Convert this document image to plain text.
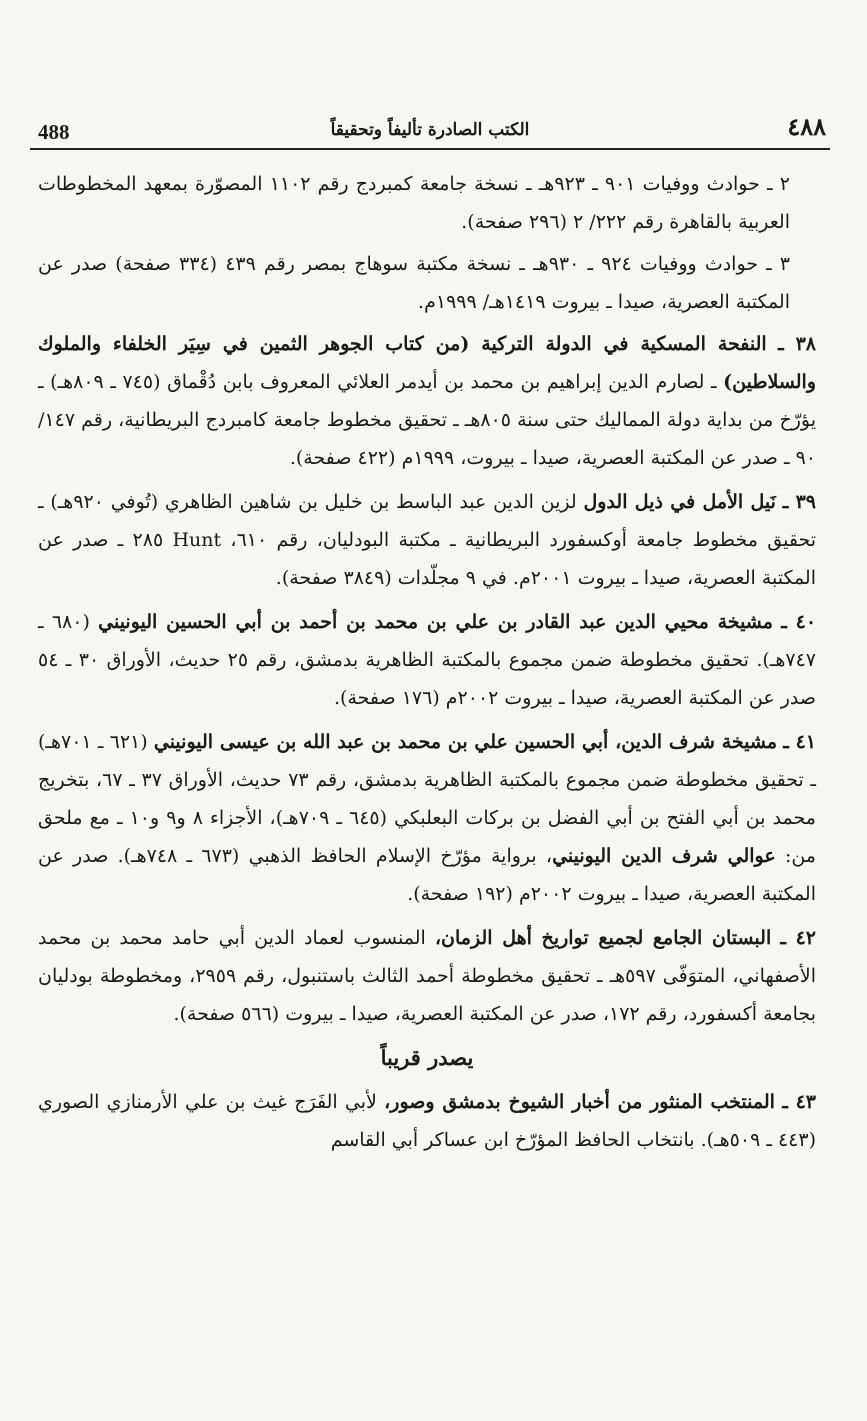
488	الكتب الصادرة تأليفاً وتحقيقاً	٤٨٨

٢ ـ حوادث ووفيات ٩٠١ ـ ٩٢٣هـ ـ نسخة جامعة كمبردج رقم ١١٠٢ المصوّرة بمعهد المخطوطات العربية بالقاهرة رقم ٢٢٢/ ٢ (٢٩٦ صفحة).

٣ ـ حوادث ووفيات ٩٢٤ ـ ٩٣٠هـ ـ نسخة مكتبة سوهاج بمصر رقم ٤٣٩ (٣٣٤ صفحة) صدر عن المكتبة العصرية، صيدا ـ بيروت ١٤١٩هـ/ ١٩٩٩م.

٣٨ ـ النفحة المسكية في الدولة التركية (من كتاب الجوهر الثمين في سِيَر الخلفاء والملوك والسلاطين) ـ لصارم الدين إبراهيم بن محمد بن أيدمر العلائي المعروف بابن دُقْماق (٧٤٥ ـ ٨٠٩هـ) ـ يؤرّخ من بداية دولة المماليك حتى سنة ٨٠٥هـ ـ تحقيق مخطوط جامعة كامبردج البريطانية، رقم ١٤٧/ ٩٠ ـ صدر عن المكتبة العصرية، صيدا ـ بيروت، ١٩٩٩م (٤٢٢ صفحة).

٣٩ ـ نَيل الأمل في ذيل الدول لزين الدين عبد الباسط بن خليل بن شاهين الظاهري (تُوفي ٩٢٠هـ) ـ تحقيق مخطوط جامعة أوكسفورد البريطانية ـ مكتبة البودليان، رقم ٦١٠، Hunt ٢٨٥ ـ صدر عن المكتبة العصرية، صيدا ـ بيروت ٢٠٠١م. في ٩ مجلّدات (٣٨٤٩ صفحة).

٤٠ ـ مشيخة محيي الدين عبد القادر بن علي بن محمد بن أحمد بن أبي الحسين اليونيني (٦٨٠ ـ ٧٤٧هـ). تحقيق مخطوطة ضمن مجموع بالمكتبة الظاهرية بدمشق، رقم ٢٥ حديث، الأوراق ٣٠ ـ ٥٤ صدر عن المكتبة العصرية، صيدا ـ بيروت ٢٠٠٢م (١٧٦ صفحة).

٤١ ـ مشيخة شرف الدين، أبي الحسين علي بن محمد بن عبد الله بن عيسى اليونيني (٦٢١ ـ ٧٠١هـ) ـ تحقيق مخطوطة ضمن مجموع بالمكتبة الظاهرية بدمشق، رقم ٧٣ حديث، الأوراق ٣٧ ـ ٦٧، بتخريج محمد بن أبي الفتح بن أبي الفضل بن بركات البعلبكي (٦٤٥ ـ ٧٠٩هـ)، الأجزاء ٨ و٩ و١٠ ـ مع ملحق من: عوالي شرف الدين اليونيني، برواية مؤرّخ الإسلام الحافظ الذهبي (٦٧٣ ـ ٧٤٨هـ). صدر عن المكتبة العصرية، صيدا ـ بيروت ٢٠٠٢م (١٩٢ صفحة).

٤٢ ـ البستان الجامع لجميع تواريخ أهل الزمان، المنسوب لعماد الدين أبي حامد محمد بن محمد الأصفهاني، المتوَفّى ٥٩٧هـ ـ تحقيق مخطوطة أحمد الثالث باستنبول، رقم ٢٩٥٩، ومخطوطة بودليان بجامعة أكسفورد، رقم ١٧٢، صدر عن المكتبة العصرية، صيدا ـ بيروت (٥٦٦ صفحة).

يصدر قريباً

٤٣ ـ المنتخب المنثور من أخبار الشيوخ بدمشق وصور، لأبي الفَرَج غيث بن علي الأرمنازي الصوري (٤٤٣ ـ ٥٠٩هـ). بانتخاب الحافظ المؤرّخ ابن عساكر أبي القاسم
